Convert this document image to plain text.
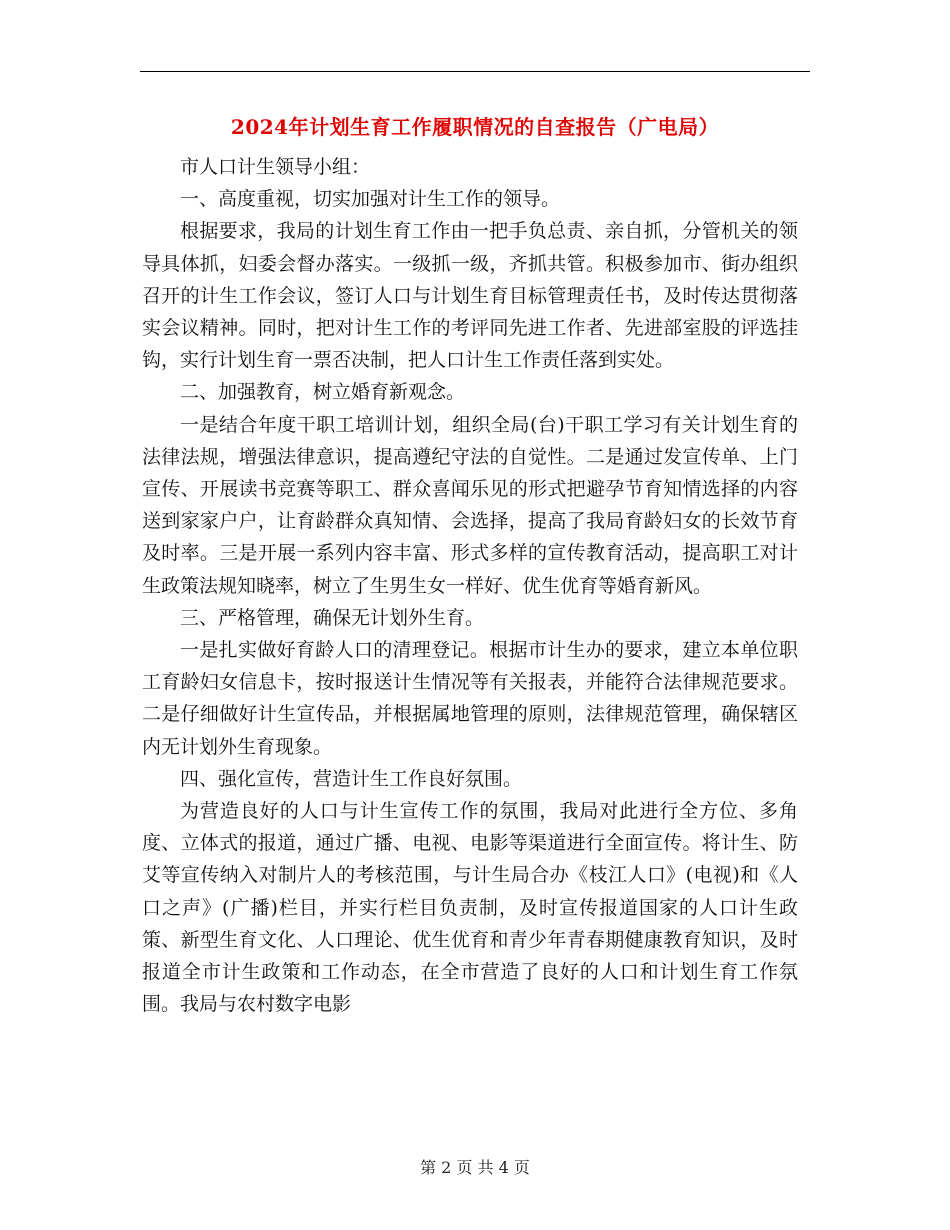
2024年计划生育工作履职情况的自查报告（广电局）

市人口计生领导小组：

一、高度重视，切实加强对计生工作的领导。

根据要求，我局的计划生育工作由一把手负总责、亲自抓，分管机关的领导具体抓，妇委会督办落实。一级抓一级，齐抓共管。积极参加市、街办组织召开的计生工作会议，签订人口与计划生育目标管理责任书，及时传达贯彻落实会议精神。同时，把对计生工作的考评同先进工作者、先进部室股的评选挂钩，实行计划生育一票否决制，把人口计生工作责任落到实处。

二、加强教育，树立婚育新观念。

一是结合年度干职工培训计划，组织全局(台)干职工学习有关计划生育的法律法规，增强法律意识，提高遵纪守法的自觉性。二是通过发宣传单、上门宣传、开展读书竞赛等职工、群众喜闻乐见的形式把避孕节育知情选择的内容送到家家户户，让育龄群众真知情、会选择，提高了我局育龄妇女的长效节育及时率。三是开展一系列内容丰富、形式多样的宣传教育活动，提高职工对计生政策法规知晓率，树立了生男生女一样好、优生优育等婚育新风。

三、严格管理，确保无计划外生育。

一是扎实做好育龄人口的清理登记。根据市计生办的要求，建立本单位职工育龄妇女信息卡，按时报送计生情况等有关报表，并能符合法律规范要求。二是仔细做好计生宣传品，并根据属地管理的原则，法律规范管理，确保辖区内无计划外生育现象。

四、强化宣传，营造计生工作良好氛围。

为营造良好的人口与计生宣传工作的氛围，我局对此进行全方位、多角度、立体式的报道，通过广播、电视、电影等渠道进行全面宣传。将计生、防艾等宣传纳入对制片人的考核范围，与计生局合办《枝江人口》(电视)和《人口之声》(广播)栏目，并实行栏目负责制，及时宣传报道国家的人口计生政策、新型生育文化、人口理论、优生优育和青少年青春期健康教育知识，及时报道全市计生政策和工作动态，在全市营造了良好的人口和计划生育工作氛围。我局与农村数字电影

第 2 页 共 4 页
